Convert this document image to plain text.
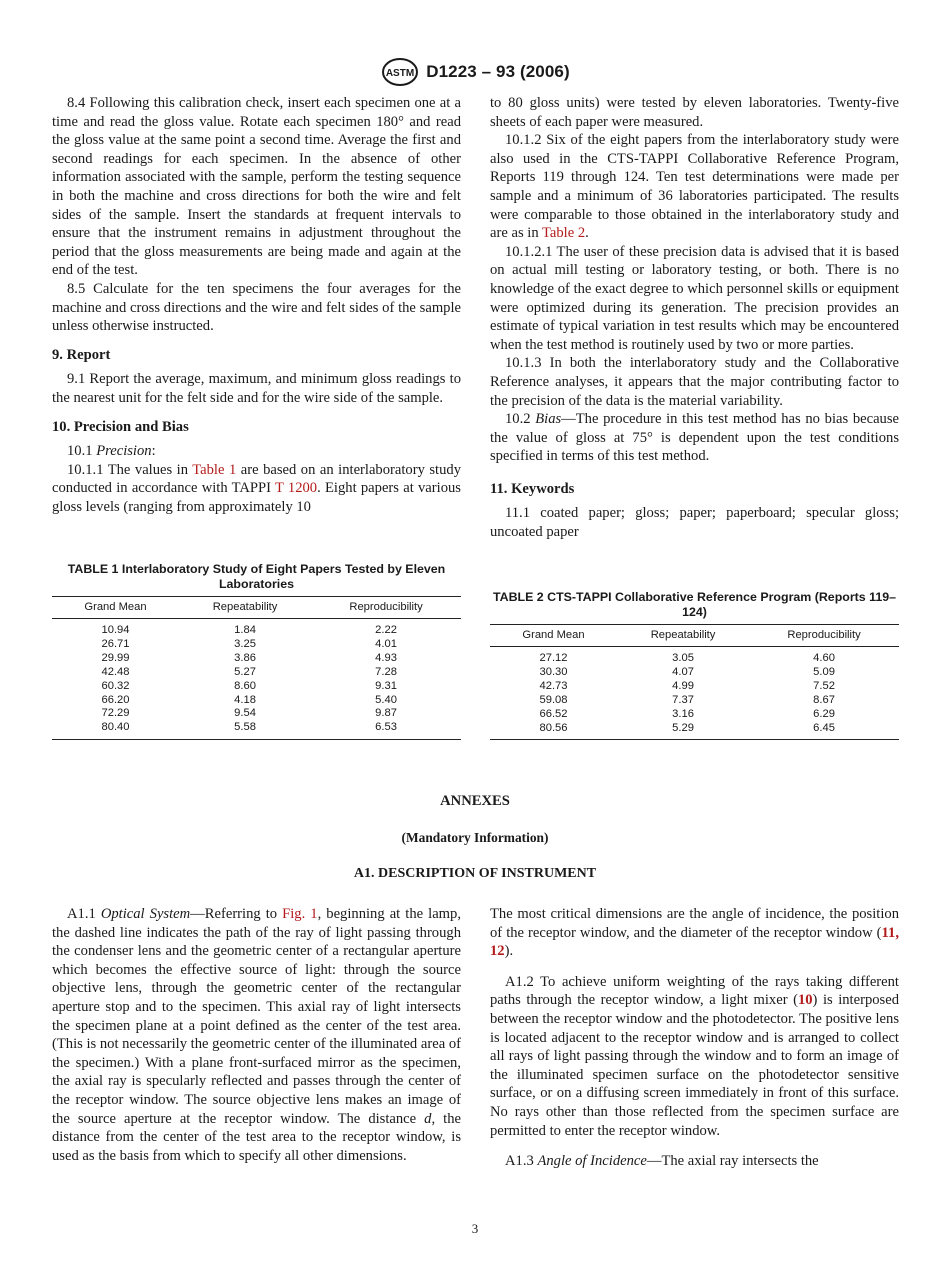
ASTM D1223 – 93 (2006)

8.4 Following this calibration check, insert each specimen one at a time and read the gloss value. Rotate each specimen 180° and read the gloss value at the same point a second time. Average the first and second readings for each specimen. In the absence of other information associated with the sample, perform the testing sequence in both the machine and cross directions for both the wire and felt sides of the sample. Insert the standards at frequent intervals to ensure that the instrument remains in adjustment throughout the period that the gloss measurements are being made and again at the end of the test.

8.5 Calculate for the ten specimens the four averages for the machine and cross directions and the wire and felt sides of the sample unless otherwise instructed.

9. Report

9.1 Report the average, maximum, and minimum gloss readings to the nearest unit for the felt side and for the wire side of the sample.

10. Precision and Bias

10.1 Precision:

10.1.1 The values in Table 1 are based on an interlaboratory study conducted in accordance with TAPPI T 1200. Eight papers at various gloss levels (ranging from approximately 10

to 80 gloss units) were tested by eleven laboratories. Twenty-five sheets of each paper were measured.

10.1.2 Six of the eight papers from the interlaboratory study were also used in the CTS-TAPPI Collaborative Reference Program, Reports 119 through 124. Ten test determinations were made per sample and a minimum of 36 laboratories participated. The results were comparable to those obtained in the interlaboratory study and are as in Table 2.

10.1.2.1 The user of these precision data is advised that it is based on actual mill testing or laboratory testing, or both. There is no knowledge of the exact degree to which personnel skills or equipment were optimized during its generation. The precision provides an estimate of typical variation in test results which may be encountered when the test method is routinely used by two or more parties.

10.1.3 In both the interlaboratory study and the Collaborative Reference analyses, it appears that the major contributing factor to the precision of the data is the material variability.

10.2 Bias—The procedure in this test method has no bias because the value of gloss at 75° is dependent upon the test conditions specified in terms of this test method.

11. Keywords

11.1 coated paper; gloss; paper; paperboard; specular gloss; uncoated paper

TABLE 1 Interlaboratory Study of Eight Papers Tested by Eleven Laboratories
Grand Mean	Repeatability	Reproducibility
10.94	1.84	2.22
26.71	3.25	4.01
29.99	3.86	4.93
42.48	5.27	7.28
60.32	8.60	9.31
66.20	4.18	5.40
72.29	9.54	9.87
80.40	5.58	6.53
TABLE 2 CTS-TAPPI Collaborative Reference Program (Reports 119–124)
Grand Mean	Repeatability	Reproducibility
27.12	3.05	4.60
30.30	4.07	5.09
42.73	4.99	7.52
59.08	7.37	8.67
66.52	3.16	6.29
80.56	5.29	6.45
ANNEXES
(Mandatory Information)
A1. DESCRIPTION OF INSTRUMENT

A1.1 Optical System—Referring to Fig. 1, beginning at the lamp, the dashed line indicates the path of the ray of light passing through the condenser lens and the geometric center of a rectangular aperture which becomes the effective source of light: through the source objective lens, through the geometric center of the rectangular aperture stop and to the specimen. This axial ray of light intersects the specimen plane at a point defined as the center of the test area. (This is not necessarily the geometric center of the illuminated area of the specimen.) With a plane front-surfaced mirror as the specimen, the axial ray is specularly reflected and passes through the center of the receptor window. The source objective lens makes an image of the source aperture at the receptor window. The distance d, the distance from the center of the test area to the receptor window, is used as the basis from which to specify all other dimensions.

The most critical dimensions are the angle of incidence, the position of the receptor window, and the diameter of the receptor window (11, 12).

A1.2 To achieve uniform weighting of the rays taking different paths through the receptor window, a light mixer (10) is interposed between the receptor window and the photodetector. The positive lens is located adjacent to the receptor window and is arranged to collect all rays of light passing through the window and to form an image of the illuminated specimen surface on the photodetector sensitive surface, or on a diffusing screen immediately in front of this surface. No rays other than those reflected from the specimen surface are permitted to enter the receptor window.

A1.3 Angle of Incidence—The axial ray intersects the

3
